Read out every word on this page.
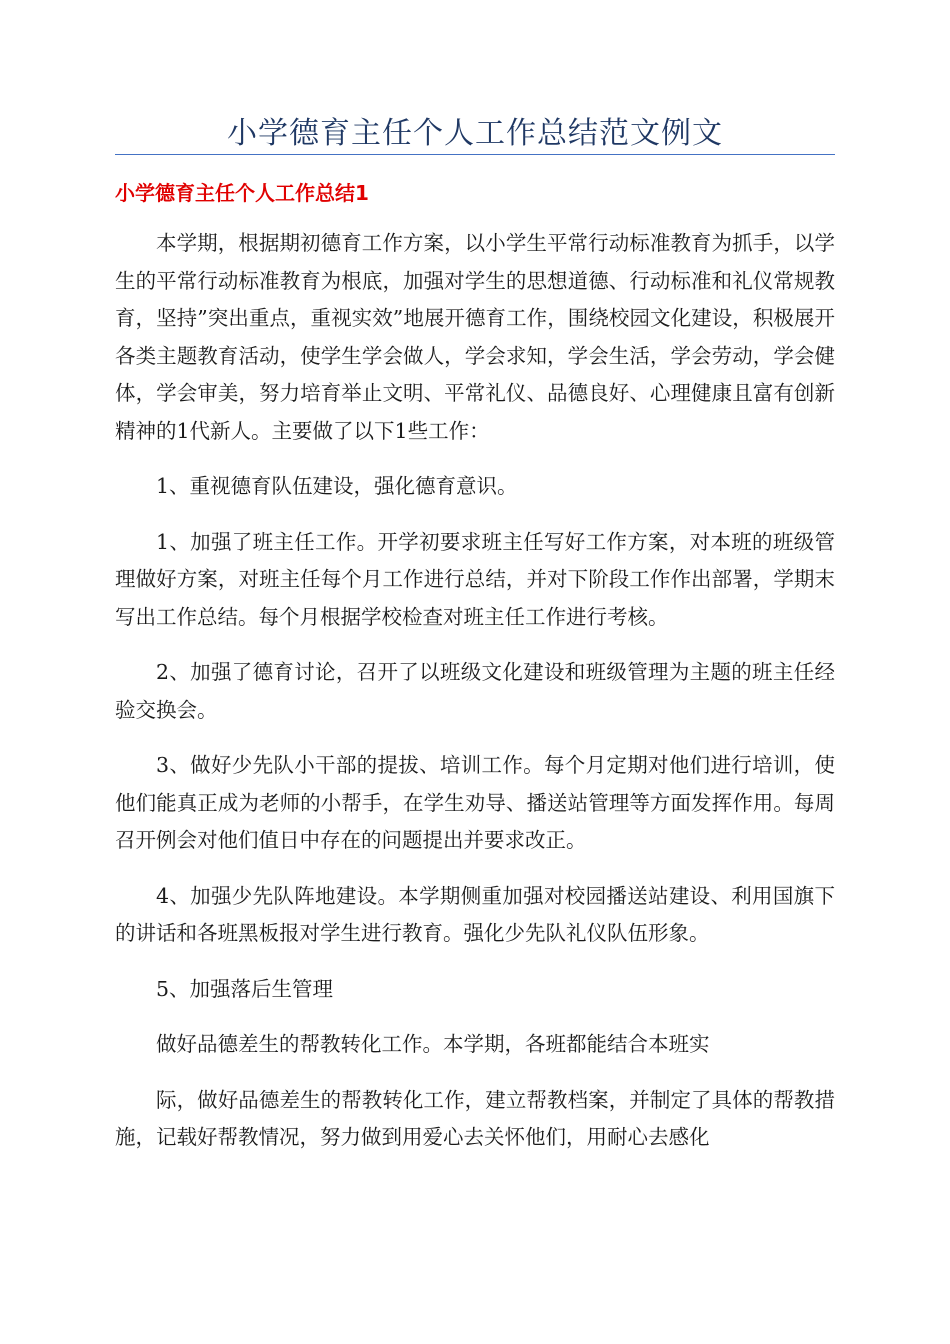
小学德育主任个人工作总结范文例文
小学德育主任个人工作总结1

本学期，根据期初德育工作方案，以小学生平常行动标准教育为抓手，以学生的平常行动标准教育为根底，加强对学生的思想道德、行动标准和礼仪常规教育，坚持”突出重点，重视实效”地展开德育工作，围绕校园文化建设，积极展开各类主题教育活动，使学生学会做人，学会求知，学会生活，学会劳动，学会健体，学会审美，努力培育举止文明、平常礼仪、品德良好、心理健康且富有创新精神的1代新人。主要做了以下1些工作：

1、重视德育队伍建设，强化德育意识。

1、加强了班主任工作。开学初要求班主任写好工作方案，对本班的班级管理做好方案，对班主任每个月工作进行总结，并对下阶段工作作出部署，学期末写出工作总结。每个月根据学校检查对班主任工作进行考核。

2、加强了德育讨论，召开了以班级文化建设和班级管理为主题的班主任经验交换会。

3、做好少先队小干部的提拔、培训工作。每个月定期对他们进行培训，使他们能真正成为老师的小帮手，在学生劝导、播送站管理等方面发挥作用。每周召开例会对他们值日中存在的问题提出并要求改正。

4、加强少先队阵地建设。本学期侧重加强对校园播送站建设、利用国旗下的讲话和各班黑板报对学生进行教育。强化少先队礼仪队伍形象。

5、加强落后生管理

做好品德差生的帮教转化工作。本学期，各班都能结合本班实

际，做好品德差生的帮教转化工作，建立帮教档案，并制定了具体的帮教措施，记载好帮教情况，努力做到用爱心去关怀他们，用耐心去感化
